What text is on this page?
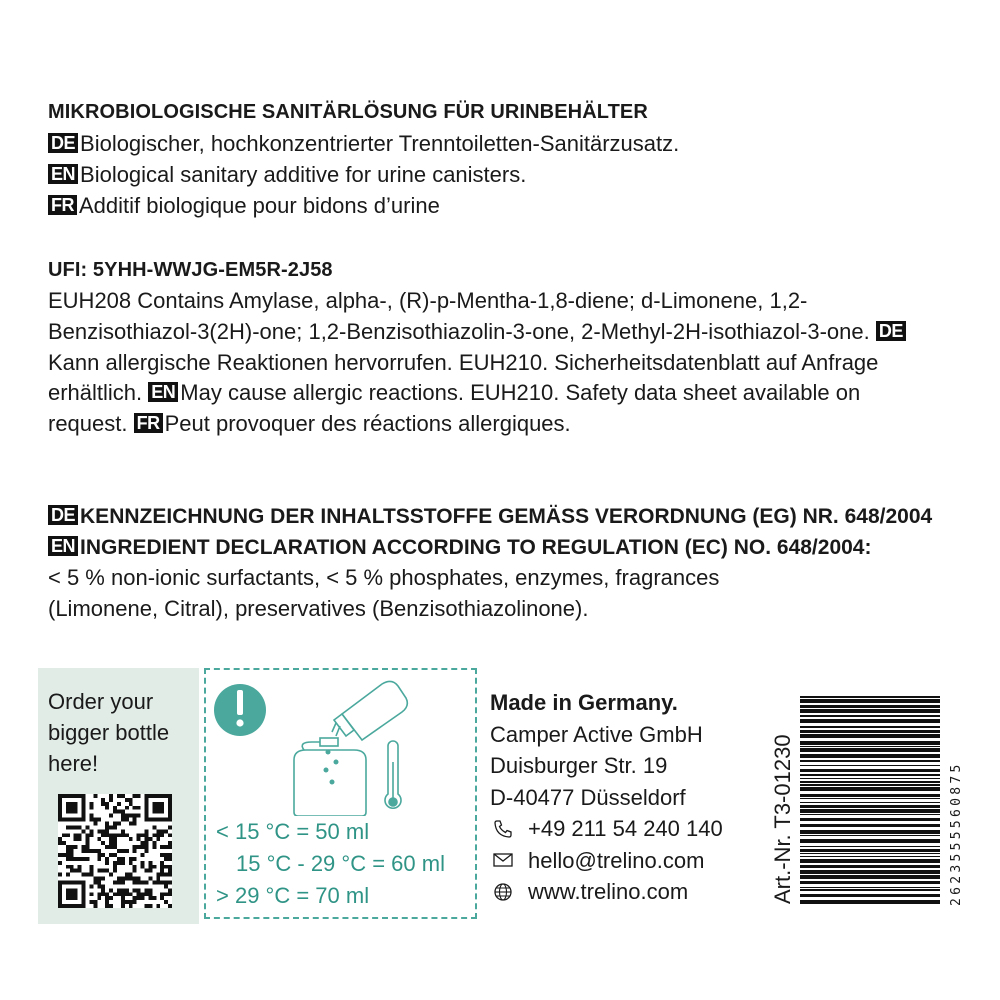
MIKROBIOLOGISCHE SANITÄRLÖSUNG FÜR URINBEHÄLTER
DE Biologischer, hochkonzentrierter Trenntoiletten-Sanitärzusatz.
EN Biological sanitary additive for urine canisters.
FR Additif biologique pour bidons d’urine
UFI: 5YHH-WWJG-EM5R-2J58
EUH208 Contains Amylase, alpha-, (R)-p-Mentha-1,8-diene; d-Limonene, 1,2-Benzisothiazol-3(2H)-one; 1,2-Benzisothiazolin-3-one, 2-Methyl-2H-isothiazol-3-one. DEKann allergische Reaktionen hervorrufen. EUH210. Sicherheitsdatenblatt auf Anfrage erhältlich. EN May cause allergic reactions. EUH210. Safety data sheet available on request. FR Peut provoquer des réactions allergiques.
DE KENNZEICHNUNG DER INHALTSSTOFFE GEMÄSS VERORDNUNG (EG) NR. 648/2004   EN INGREDIENT DECLARATION ACCORDING TO REGULATION (EC) NO. 648/2004:
< 5 % non-ionic surfactants, < 5 % phosphates, enzymes, fragrances (Limonene, Citral), preservatives (Benzisothiazolinone).
Order your
bigger bottle
here!
< 15 °C = 50 ml
15 °C - 29 °C = 60 ml
> 29 °C = 70 ml
Made in Germany.
Camper Active GmbH
Duisburger Str. 19
D-40477 Düsseldorf
+49 211 54 240 140
hello@trelino.com
www.trelino.com	Art.-Nr. T3-01230	2623555560875
